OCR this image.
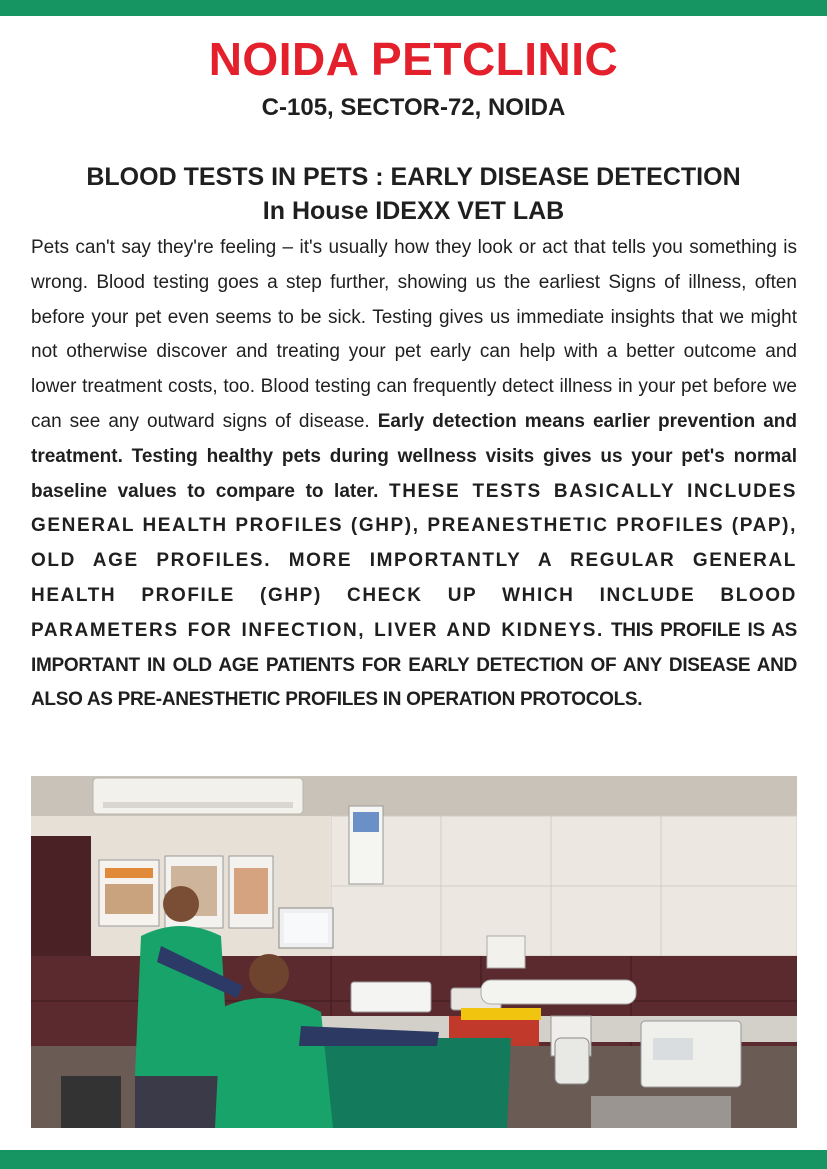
NOIDA PETCLINIC
C-105, SECTOR-72, NOIDA
BLOOD TESTS IN PETS : EARLY DISEASE DETECTION
In House IDEXX VET LAB
Pets can't say they're feeling – it's usually how they look or act that tells you something is wrong. Blood testing goes a step further, showing us the earliest Signs of illness, often before your pet even seems to be sick. Testing gives us immediate insights that we might not otherwise discover and treating your pet early can help with a better outcome and lower treatment costs, too. Blood testing can frequently detect illness in your pet before we can see any outward signs of disease. Early detection means earlier prevention and treatment. Testing healthy pets during wellness visits gives us your pet's normal baseline values to compare to later. THESE TESTS BASICALLY INCLUDES GENERAL HEALTH PROFILES (GHP), PREANESTHETIC PROFILES (PAP), OLD AGE PROFILES. MORE IMPORTANTLY A REGULAR GENERAL HEALTH PROFILE (GHP) CHECK UP WHICH INCLUDE BLOOD PARAMETERS FOR INFECTION, LIVER AND KIDNEYS. THIS PROFILE IS AS IMPORTANT IN OLD AGE PATIENTS FOR EARLY DETECTION OF ANY DISEASE AND ALSO AS PRE-ANESTHETIC PROFILES IN OPERATION PROTOCOLS.
